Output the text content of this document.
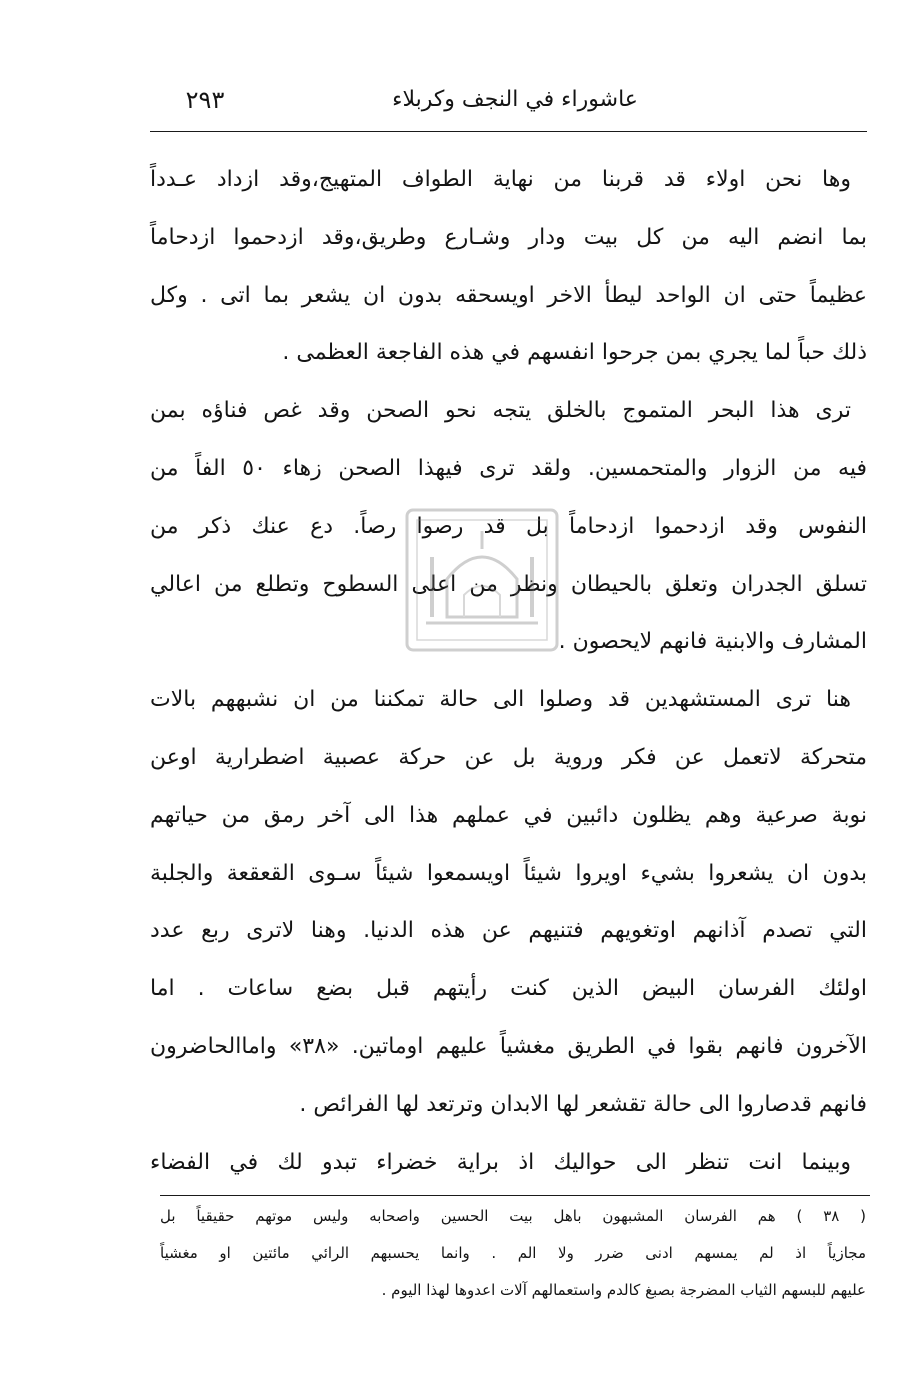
عاشوراء في النجف وكربلاء
٢٩٣
وها نحن اولاء قد قربنا من نهاية الطواف المتهيج،وقد ازداد عـدداً
بما انضم اليه من كل بيت ودار وشـارع وطريق،وقد ازدحموا ازدحاماً
عظيماً حتى ان الواحد ليطأ الاخر اويسحقه بدون ان يشعر بما اتى . وكل
ذلك حباً لما يجري بمن جرحوا انفسهم في هذه الفاجعة العظمى .
ترى هذا البحر المتموج بالخلق يتجه نحو الصحن وقد غص فناؤه بمن
فيه من الزوار والمتحمسين. ولقد ترى فيهذا الصحن زهاء ٥٠ الفاً من
النفوس وقد ازدحموا ازدحاماً بل قد رصوا رصاً. دع عنك ذكر من
تسلق الجدران وتعلق بالحيطان ونظر من اعلى السطوح وتطلع من اعالي
المشارف والابنية فانهم لايحصون .
هنا ترى المستشهدين قد وصلوا الى حالة تمكننا من ان نشبههم بالات
متحركة لاتعمل عن فكر وروية بل عن حركة عصبية اضطرارية اوعن
نوبة صرعية وهم يظلون دائبين في عملهم هذا الى آخر رمق من حياتهم
بدون ان يشعروا بشيء اويروا شيئاً اويسمعوا شيئاً سـوى القعقعة والجلبة
التي تصدم آذانهم اوتغويهم فتنيهم عن هذه الدنيا. وهنا لاترى ربع عدد
اولئك الفرسان البيض الذين كنت رأيتهم قبل بضع ساعات . اما
الآخرون فانهم بقوا في الطريق مغشياً عليهم اوماتين. «٣٨» واماالحاضرون
فانهم قدصاروا الى حالة تقشعر لها الابدان وترتعد لها الفرائص .
وبينما انت تنظر الى حواليك اذ براية خضراء تبدو لك في الفضاء
( ٣٨ ) هم الفرسان المشبهون باهل بيت الحسين واصحابه وليس موتهم حقيقياً بل
مجازياً اذ لم يمسهم ادنى ضرر ولا الم . وانما يحسبهم الرائي مائتين او مغشياً
عليهم للبسهم الثياب المضرجة بصبغ كالدم واستعمالهم آلات اعدوها لهذا اليوم .
